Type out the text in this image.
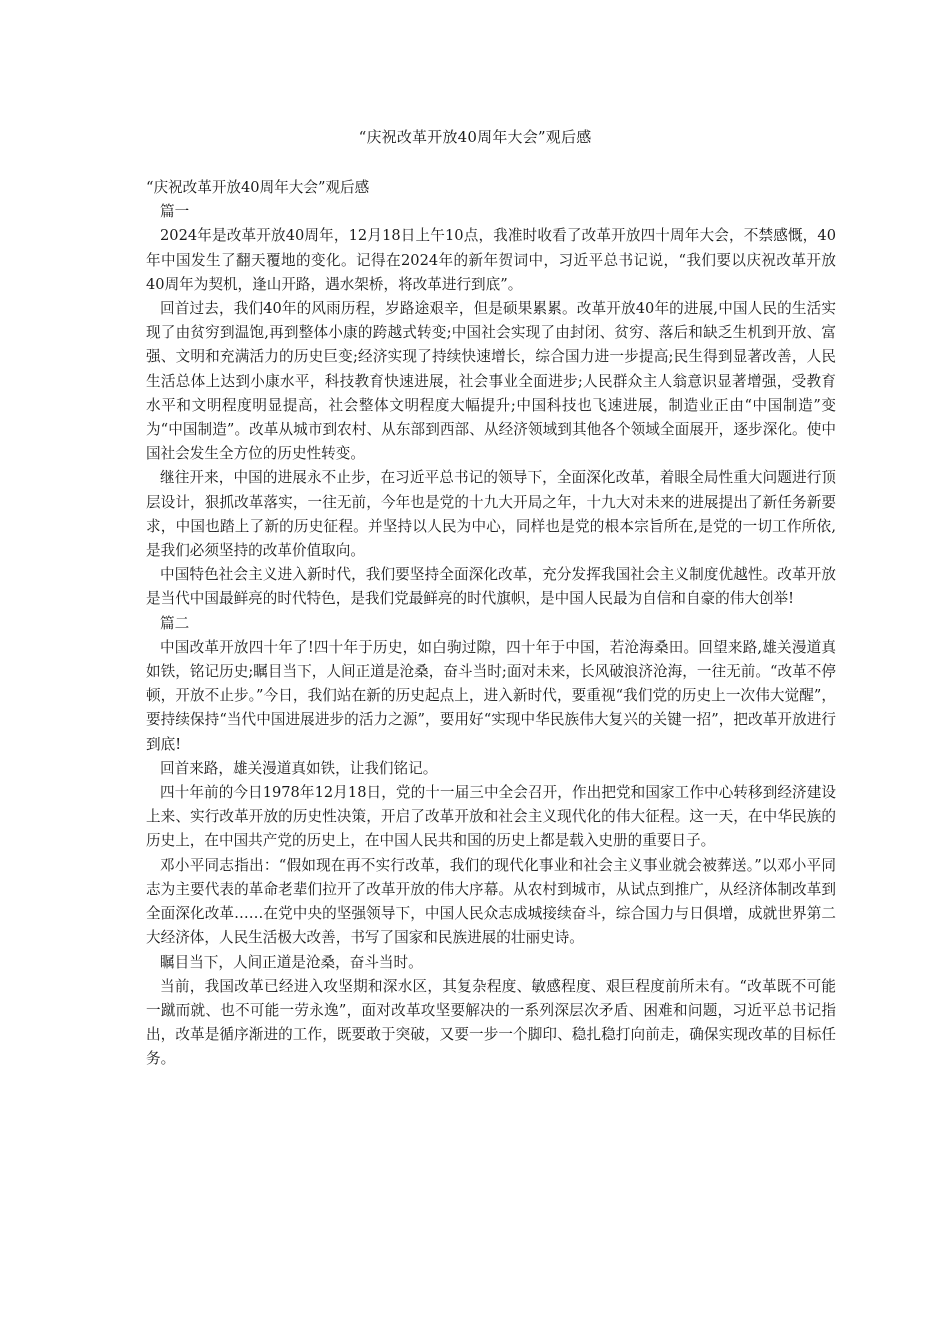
“庆祝改革开放40周年大会”观后感

“庆祝改革开放40周年大会”观后感

篇一

2024年是改革开放40周年，12月18日上午10点，我准时收看了改革开放四十周年大会，不禁感慨，40年中国发生了翻天覆地的变化。记得在2024年的新年贺词中，习近平总书记说，“我们要以庆祝改革开放40周年为契机，逢山开路，遇水架桥，将改革进行到底”。

回首过去，我们40年的风雨历程，岁路途艰辛，但是硕果累累。改革开放40年的进展,中国人民的生活实现了由贫穷到温饱,再到整体小康的跨越式转变;中国社会实现了由封闭、贫穷、落后和缺乏生机到开放、富强、文明和充满活力的历史巨变;经济实现了持续快速增长，综合国力进一步提高;民生得到显著改善，人民生活总体上达到小康水平，科技教育快速进展，社会事业全面进步;人民群众主人翁意识显著增强，受教育水平和文明程度明显提高，社会整体文明程度大幅提升;中国科技也飞速进展，制造业正由“中国制造”变为“中国制造”。改革从城市到农村、从东部到西部、从经济领域到其他各个领域全面展开，逐步深化。使中国社会发生全方位的历史性转变。

继往开来，中国的进展永不止步，在习近平总书记的领导下，全面深化改革，着眼全局性重大问题进行顶层设计，狠抓改革落实，一往无前，今年也是党的十九大开局之年，十九大对未来的进展提出了新任务新要求，中国也踏上了新的历史征程。并坚持以人民为中心，同样也是党的根本宗旨所在,是党的一切工作所依,是我们必须坚持的改革价值取向。

中国特色社会主义进入新时代，我们要坚持全面深化改革，充分发挥我国社会主义制度优越性。改革开放是当代中国最鲜亮的时代特色，是我们党最鲜亮的时代旗帜，是中国人民最为自信和自豪的伟大创举!

篇二

中国改革开放四十年了!四十年于历史，如白驹过隙，四十年于中国，若沧海桑田。回望来路,雄关漫道真如铁，铭记历史;瞩目当下，人间正道是沧桑，奋斗当时;面对未来，长风破浪济沧海，一往无前。“改革不停顿，开放不止步。”今日，我们站在新的历史起点上，进入新时代，要重视“我们党的历史上一次伟大觉醒”，要持续保持“当代中国进展进步的活力之源”，要用好“实现中华民族伟大复兴的关键一招”，把改革开放进行到底!

回首来路，雄关漫道真如铁，让我们铭记。

四十年前的今日1978年12月18日，党的十一届三中全会召开，作出把党和国家工作中心转移到经济建设上来、实行改革开放的历史性决策，开启了改革开放和社会主义现代化的伟大征程。这一天，在中华民族的历史上，在中国共产党的历史上，在中国人民共和国的历史上都是载入史册的重要日子。

邓小平同志指出：“假如现在再不实行改革，我们的现代化事业和社会主义事业就会被葬送。”以邓小平同志为主要代表的革命老辈们拉开了改革开放的伟大序幕。从农村到城市，从试点到推广，从经济体制改革到全面深化改革……在党中央的坚强领导下，中国人民众志成城接续奋斗，综合国力与日俱增，成就世界第二大经济体，人民生活极大改善，书写了国家和民族进展的壮丽史诗。

瞩目当下，人间正道是沧桑，奋斗当时。

当前，我国改革已经进入攻坚期和深水区，其复杂程度、敏感程度、艰巨程度前所未有。“改革既不可能一蹴而就、也不可能一劳永逸”，面对改革攻坚要解决的一系列深层次矛盾、困难和问题，习近平总书记指出，改革是循序渐进的工作，既要敢于突破，又要一步一个脚印、稳扎稳打向前走，确保实现改革的目标任务。
